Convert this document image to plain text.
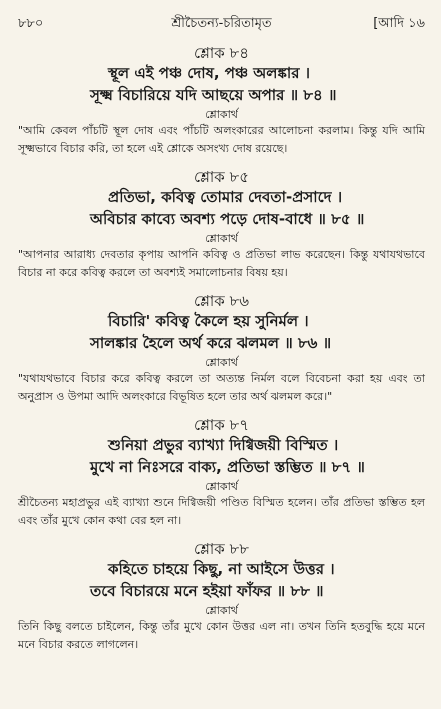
৮৮০	শ্রীচৈতন্য-চরিতামৃত	[আদি ১৬
শ্লোক ৮৪
স্থূল এই পঞ্চ দোষ, পঞ্চ অলঙ্কার ।
সূক্ষ্ম বিচারিয়ে যদি আছয়ে অপার ॥ ৮৪ ॥
শ্লোকার্থ
"আমি কেবল পাঁচটি স্থূল দোষ এবং পাঁচটি অলংকারের আলোচনা করলাম। কিন্তু যদি আমি সূক্ষ্মভাবে বিচার করি, তা হলে এই শ্লোকে অসংখ্য দোষ রয়েছে।
শ্লোক ৮৫
প্রতিভা, কবিত্ব তোমার দেবতা-প্রসাদে ।
অবিচার কাব্যে অবশ্য পড়ে দোষ-বাধে ॥ ৮৫ ॥
শ্লোকার্থ
"আপনার আরাধ্য দেবতার কৃপায় আপনি কবিত্ব ও প্রতিভা লাভ করেছেন। কিন্তু যথাযথভাবে বিচার না করে কবিত্ব করলে তা অবশ্যই সমালোচনার বিষয় হয়।
শ্লোক ৮৬
বিচারি' কবিত্ব কৈলে হয় সুনির্মল ।
সালঙ্কার হৈলে অর্থ করে ঝলমল ॥ ৮৬ ॥
শ্লোকার্থ
"যথাযথভাবে বিচার করে কবিত্ব করলে তা অত্যন্ত নির্মল বলে বিবেচনা করা হয় এবং তা অনুপ্রাস ও উপমা আদি অলংকারে বিভূষিত হলে তার অর্থ ঝলমল করে।"
শ্লোক ৮৭
শুনিয়া প্রভুর ব্যাখ্যা দিগ্বিজয়ী বিস্মিত ।
মুখে না নিঃসরে বাক্য, প্রতিভা স্তম্ভিত ॥ ৮৭ ॥
শ্লোকার্থ
শ্রীচৈতন্য মহাপ্রভুর এই ব্যাখ্যা শুনে দিগ্বিজয়ী পণ্ডিত বিস্মিত হলেন। তাঁর প্রতিভা স্তম্ভিত হল এবং তাঁর মুখে কোন কথা বের হল না।
শ্লোক ৮৮
কহিতে চাহয়ে কিছু, না আইসে উত্তর ।
তবে বিচারয়ে মনে হইয়া ফাঁফর ॥ ৮৮ ॥
শ্লোকার্থ
তিনি কিছু বলতে চাইলেন, কিন্তু তাঁর মুখে কোন উত্তর এল না। তখন তিনি হতবুদ্ধি হয়ে মনে মনে বিচার করতে লাগলেন।
